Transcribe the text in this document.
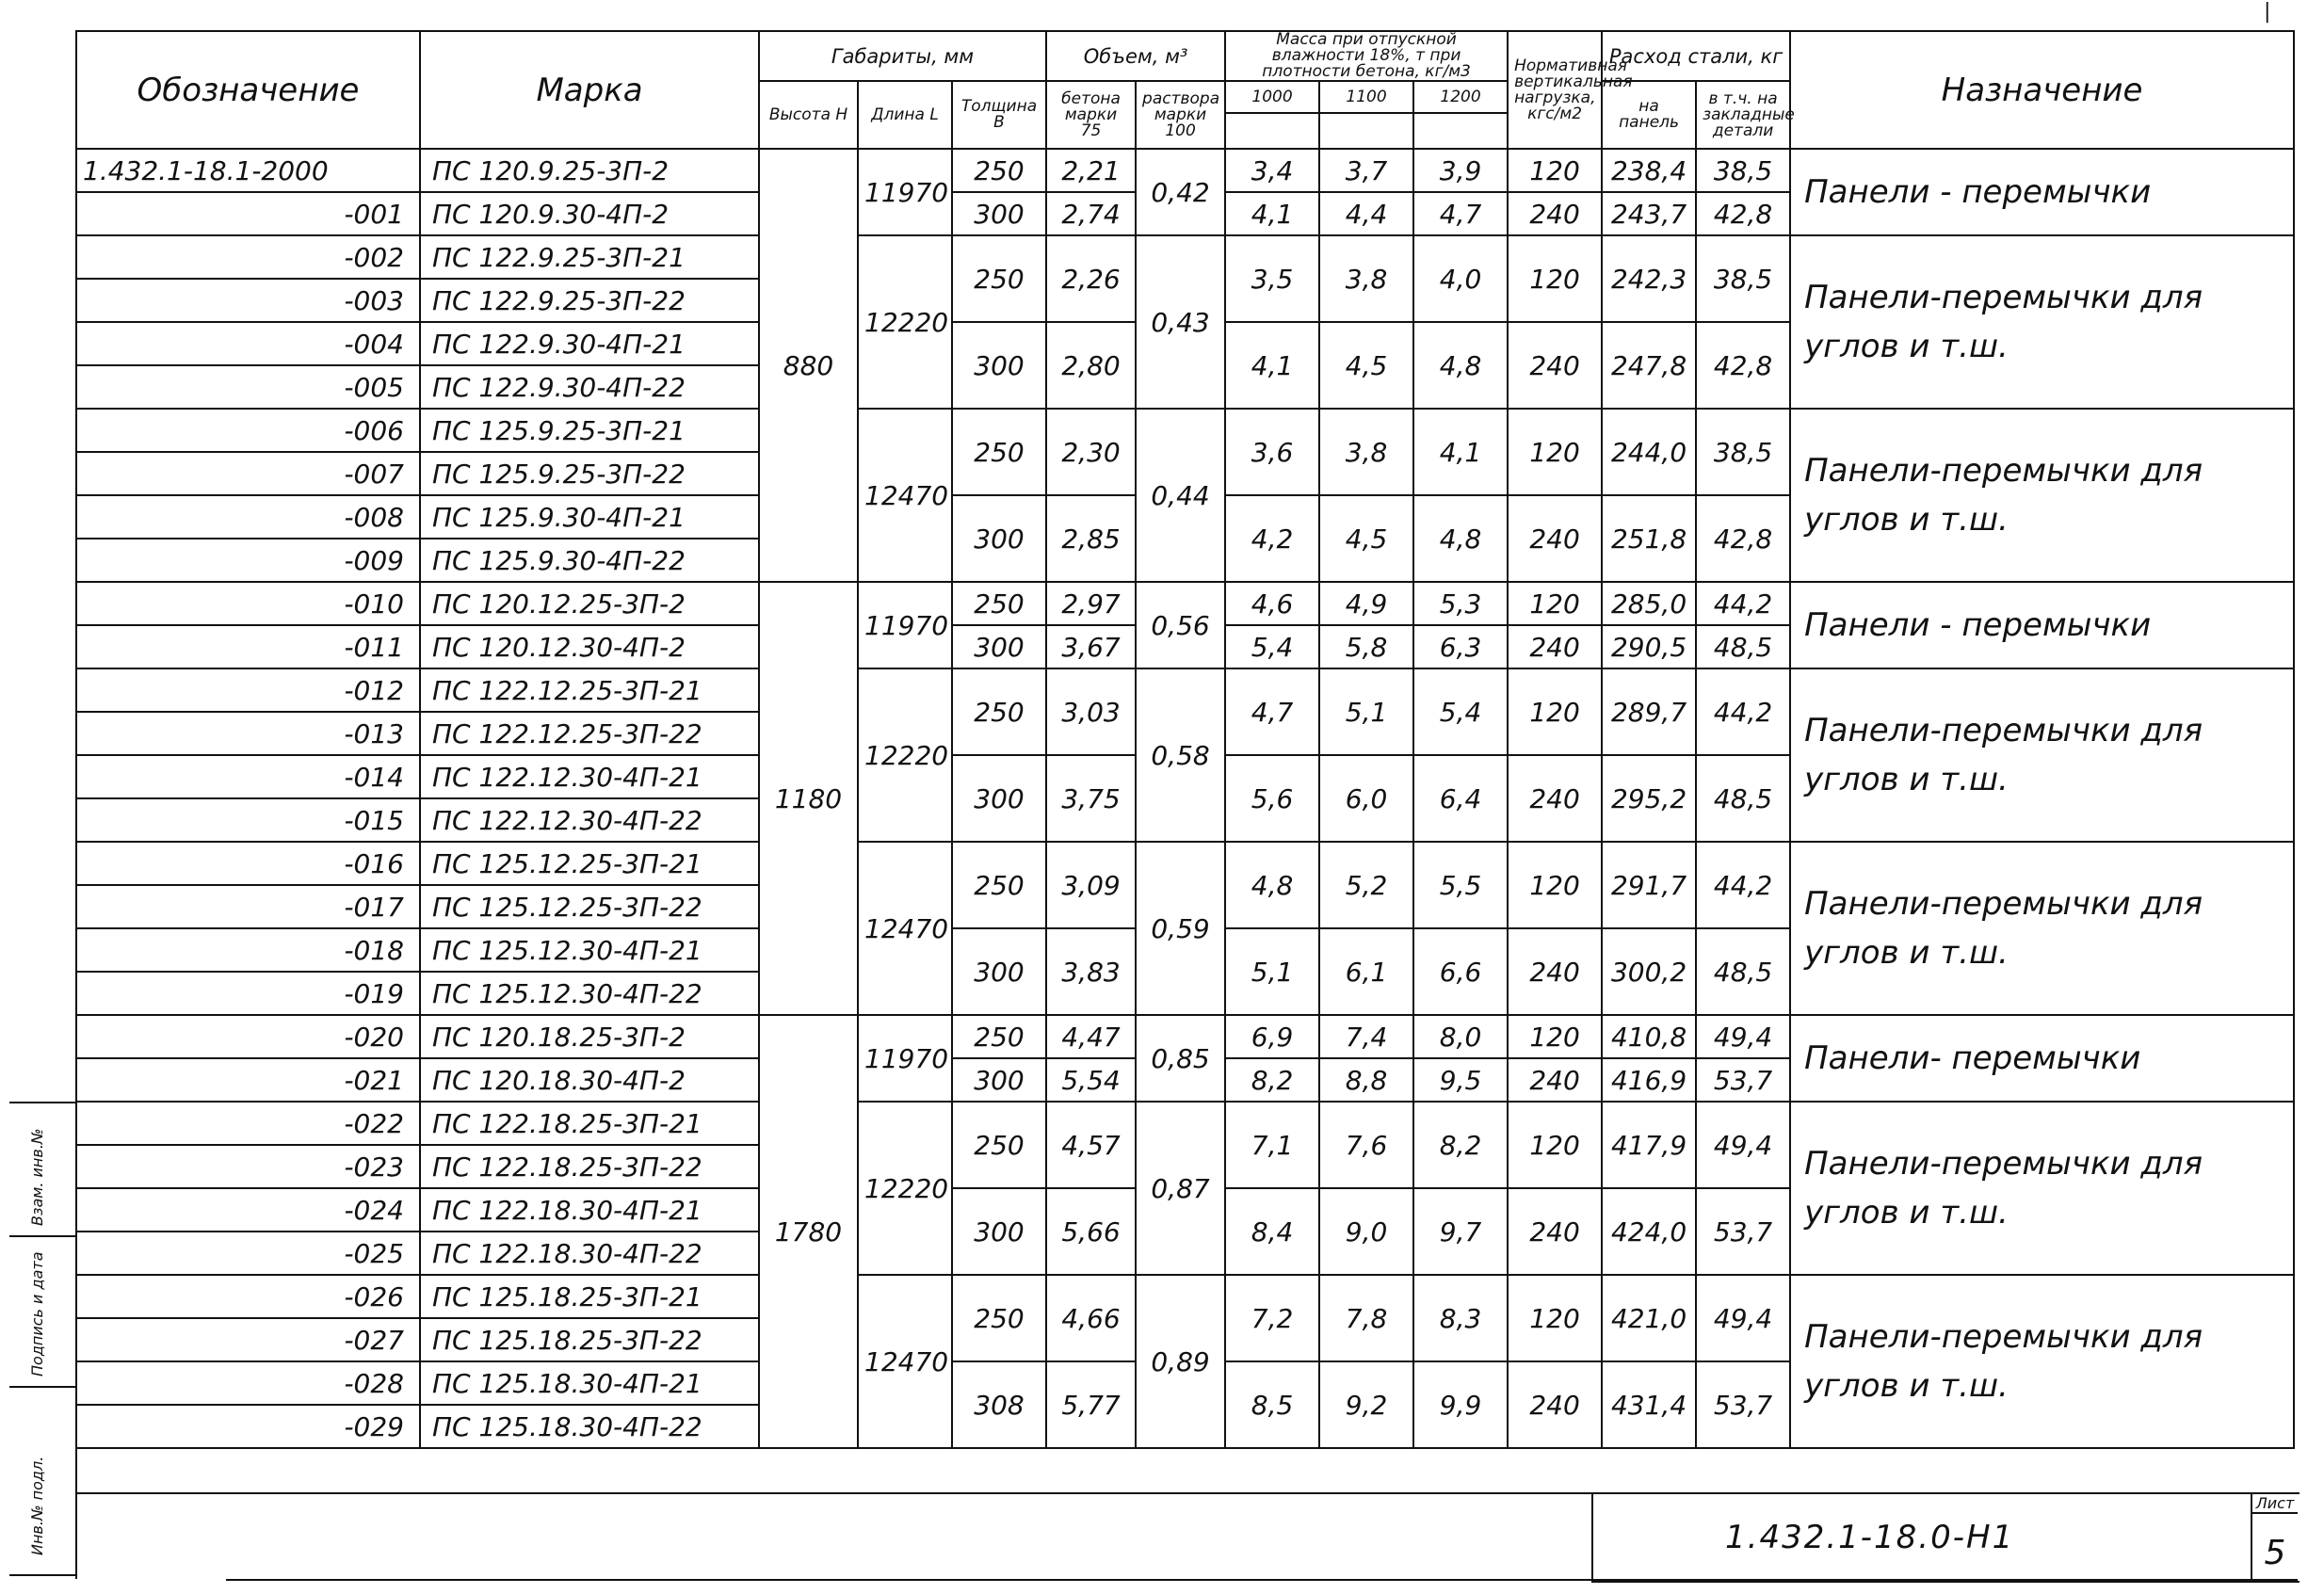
|
Обозначение	Марка	Габариты, мм			Объем, м³		Масса при отпускной влажности 18%, т при плотности бетона, кг/м3			Нормативная вертикальная нагрузка, кгс/м2	Расход стали, кг		Назначение
		Высота Н	Длина L	Толщина В	бетона марки 75	раствора марки 100	1000	1100	1200		на панель	в т.ч. на закладные детали	

1.432.1-18.1-2000	ПС 120.9.25-3П-2	880	11970	250	2,21	0,42	3,4	3,7	3,9	120	238,4	38,5	Панели - перемычки
-001	ПС 120.9.30-4П-2			300	2,74		4,1	4,4	4,7	240	243,7	42,8	
-002	ПС 122.9.25-3П-21		12220	250	2,26	0,43	3,5	3,8	4,0	120	242,3	38,5	Панели-перемычки для углов и т.ш.
-003	ПС 122.9.25-3П-22												
-004	ПС 122.9.30-4П-21			300	2,80		4,1	4,5	4,8	240	247,8	42,8	
-005	ПС 122.9.30-4П-22												
-006	ПС 125.9.25-3П-21		12470	250	2,30	0,44	3,6	3,8	4,1	120	244,0	38,5	Панели-перемычки для углов и т.ш.
-007	ПС 125.9.25-3П-22												
-008	ПС 125.9.30-4П-21			300	2,85		4,2	4,5	4,8	240	251,8	42,8	
-009	ПС 125.9.30-4П-22												
-010	ПС 120.12.25-3П-2	1180	11970	250	2,97	0,56	4,6	4,9	5,3	120	285,0	44,2	Панели - перемычки
-011	ПС 120.12.30-4П-2			300	3,67		5,4	5,8	6,3	240	290,5	48,5	
-012	ПС 122.12.25-3П-21		12220	250	3,03	0,58	4,7	5,1	5,4	120	289,7	44,2	Панели-перемычки для углов и т.ш.
-013	ПС 122.12.25-3П-22												
-014	ПС 122.12.30-4П-21			300	3,75		5,6	6,0	6,4	240	295,2	48,5	
-015	ПС 122.12.30-4П-22												
-016	ПС 125.12.25-3П-21		12470	250	3,09	0,59	4,8	5,2	5,5	120	291,7	44,2	Панели-перемычки для углов и т.ш.
-017	ПС 125.12.25-3П-22												
-018	ПС 125.12.30-4П-21			300	3,83		5,1	6,1	6,6	240	300,2	48,5	
-019	ПС 125.12.30-4П-22												
-020	ПС 120.18.25-3П-2	1780	11970	250	4,47	0,85	6,9	7,4	8,0	120	410,8	49,4	Панели- перемычки
-021	ПС 120.18.30-4П-2			300	5,54		8,2	8,8	9,5	240	416,9	53,7	
-022	ПС 122.18.25-3П-21		12220	250	4,57	0,87	7,1	7,6	8,2	120	417,9	49,4	Панели-перемычки для углов и т.ш.
-023	ПС 122.18.25-3П-22												
-024	ПС 122.18.30-4П-21			300	5,66		8,4	9,0	9,7	240	424,0	53,7	
-025	ПС 122.18.30-4П-22												
-026	ПС 125.18.25-3П-21		12470	250	4,66	0,89	7,2	7,8	8,3	120	421,0	49,4	Панели-перемычки для углов и т.ш.
-027	ПС 125.18.25-3П-22												
-028	ПС 125.18.30-4П-21			308	5,77		8,5	9,2	9,9	240	431,4	53,7	
-029	ПС 125.18.30-4П-22												
Инв.№ подл.
Подпись и дата
Взам. инв.№
1.432.1-18.0-Н1
Лист
5
